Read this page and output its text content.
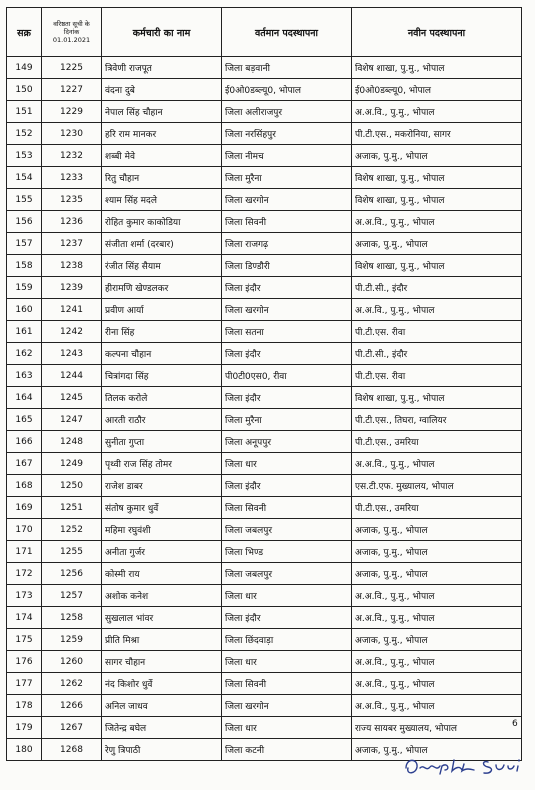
सक्र	वरिष्ठता सूची के दिनांक 01.01.2021	कर्मचारी का नाम	वर्तमान पदस्थापना	नवीन पदस्थापना
149	1225	त्रिवेणी राजपूत	जिला बड़वानी	विशेष शाखा, पु.मु., भोपाल
150	1227	वंदना दुबे	ई0ओ0डब्ल्यू0, भोपाल	ई0ओ0डब्ल्यू0, भोपाल
151	1229	नेपाल सिंह चौहान	जिला अलीराजपुर	अ.अ.वि., पु.मु., भोपाल
152	1230	हरि राम मानकर	जिला नरसिंहपुर	पी.टी.एस., मकरोनिया, सागर
153	1232	शब्बी मेवे	जिला नीमच	अजाक, पु.मु., भोपाल
154	1233	रितु चौहान	जिला मुरैना	विशेष शाखा, पु.मु., भोपाल
155	1235	श्याम सिंह मदले	जिला खरगोन	विशेष शाखा, पु.मु., भोपाल
156	1236	रोहित कुमार काकोडिया	जिला सिवनी	अ.अ.वि., पु.मु., भोपाल
157	1237	संजीता शर्मा (दरबार)	जिला राजगढ़	अजाक, पु.मु., भोपाल
158	1238	रंजीत सिंह सैयाम	जिला डिण्डौरी	विशेष शाखा, पु.मु., भोपाल
159	1239	हीरामणि खेण्डलकर	जिला इंदौर	पी.टी.सी., इंदौर
160	1241	प्रवीण आर्या	जिला खरगोन	अ.अ.वि., पु.मु., भोपाल
161	1242	रीना सिंह	जिला सतना	पी.टी.एस. रीवा
162	1243	कल्पना चौहान	जिला इंदौर	पी.टी.सी., इंदौर
163	1244	चित्रांगदा सिंह	पी0टी0एस0, रीवा	पी.टी.एस. रीवा
164	1245	तिलक करोले	जिला इंदौर	विशेष शाखा, पु.मु., भोपाल
165	1247	आरती राठौर	जिला मुरैना	पी.टी.एस., तिघरा, ग्वालियर
166	1248	सुनीता गुप्ता	जिला अनूपपुर	पी.टी.एस., उमरिया
167	1249	पृथ्वी राज सिंह तोमर	जिला धार	अ.अ.वि., पु.मु., भोपाल
168	1250	राजेश डाबर	जिला इंदौर	एस.टी.एफ. मुख्यालय, भोपाल
169	1251	संतोष कुमार धुर्वे	जिला सिवनी	पी.टी.एस., उमरिया
170	1252	महिमा रघुवंशी	जिला जबलपुर	अजाक, पु.मु., भोपाल
171	1255	अनीता गुर्जर	जिला भिण्ड	अजाक, पु.मु., भोपाल
172	1256	कोस्मी राय	जिला जबलपुर	अजाक, पु.मु., भोपाल
173	1257	अशोक कनेश	जिला धार	अ.अ.वि., पु.मु., भोपाल
174	1258	सुखलाल भांवर	जिला इंदौर	अ.अ.वि., पु.मु., भोपाल
175	1259	प्रीति मिश्रा	जिला छिंदवाड़ा	अजाक, पु.मु., भोपाल
176	1260	सागर चौहान	जिला धार	अ.अ.वि., पु.मु., भोपाल
177	1262	नंद किशोर धुर्वे	जिला सिवनी	अ.अ.वि., पु.मु., भोपाल
178	1266	अनिल जाधव	जिला खरगोन	अ.अ.वि., पु.मु., भोपाल
179	1267	जितेन्द्र बघेल	जिला धार	राज्य सायबर मुख्यालय, भोपाल
180	1268	रेणु त्रिपाठी	जिला कटनी	अजाक, पु.मु., भोपाल
6
